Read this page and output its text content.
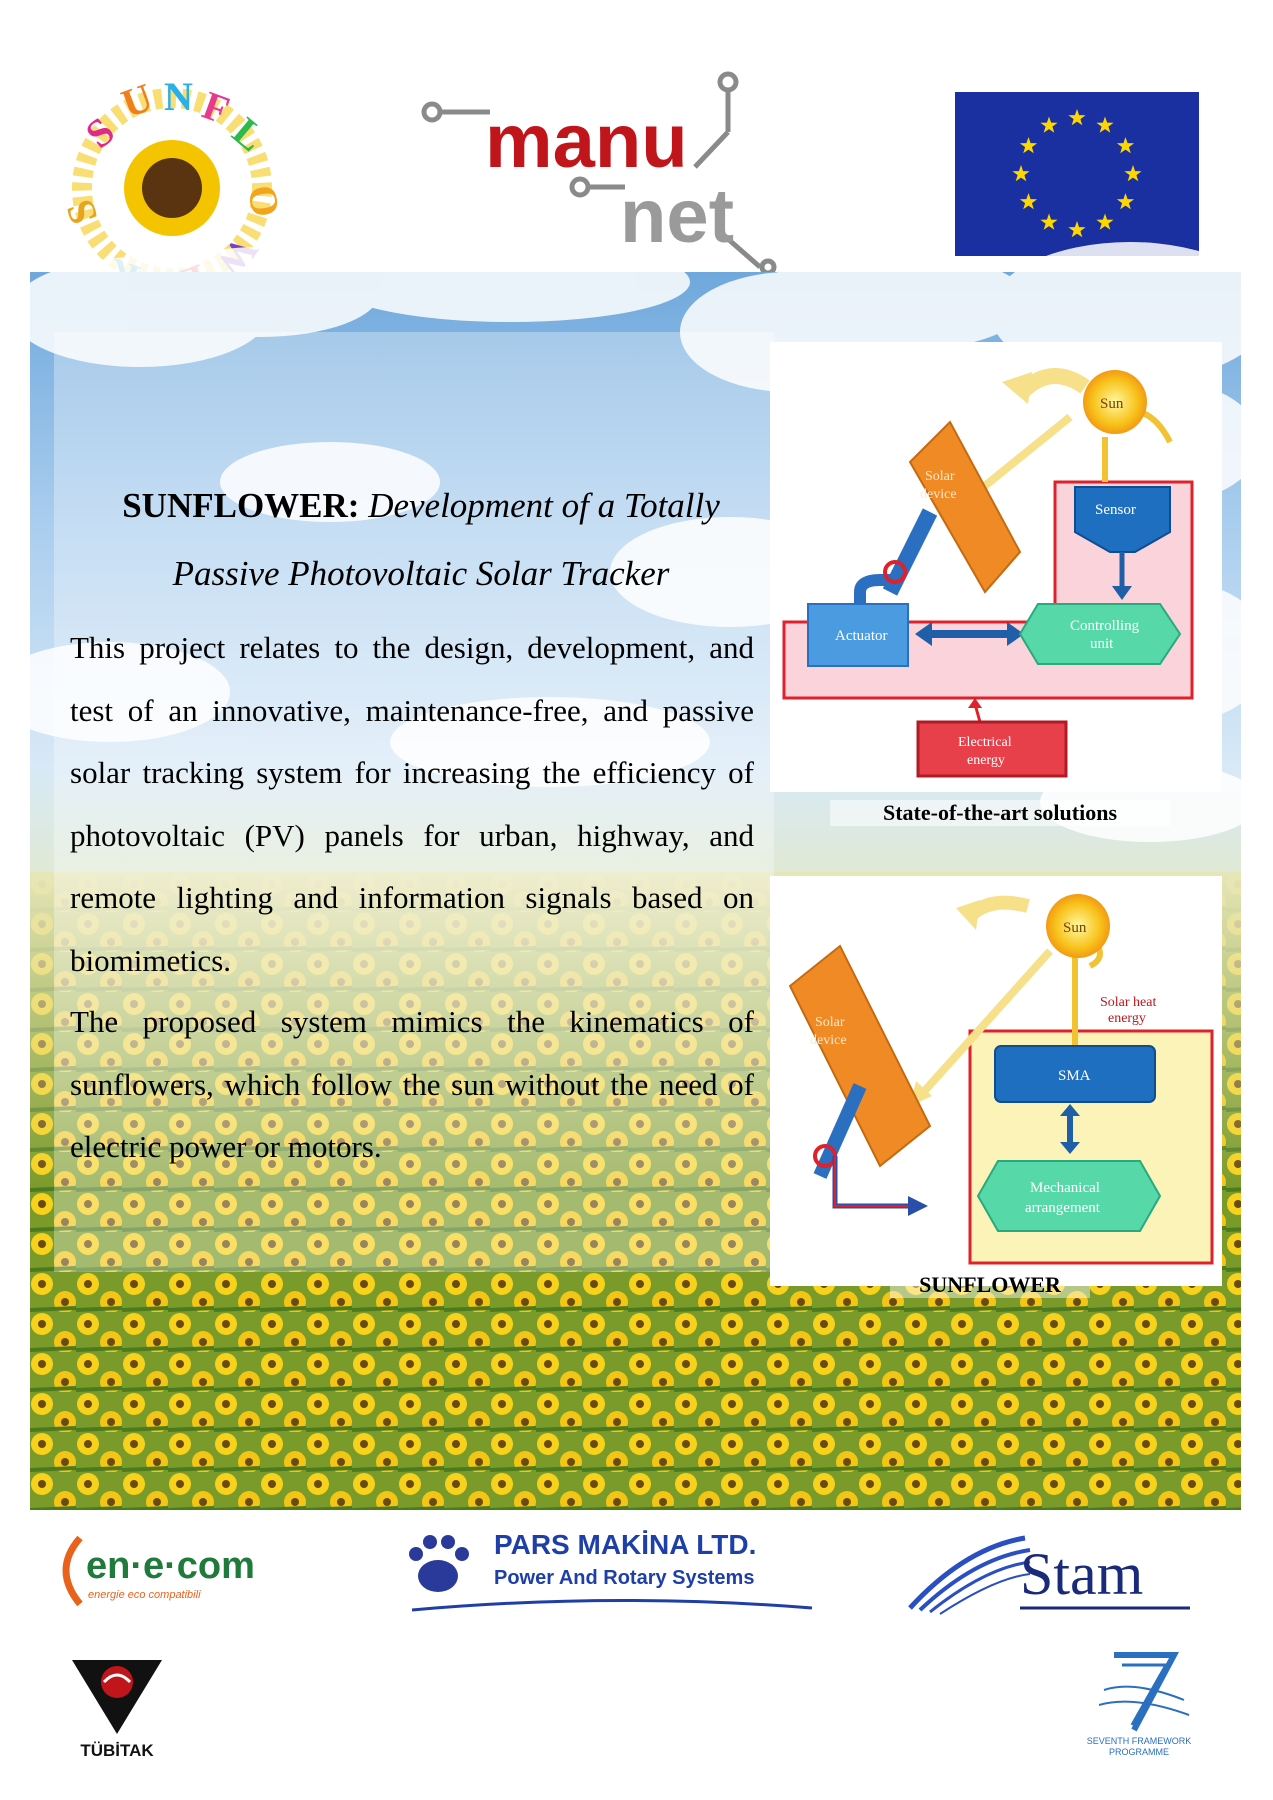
S
U N F
L
O
S
manu
net
SUNFLOWER: Development of a Totally
Passive Photovoltaic Solar Tracker

This project relates to the design, development, and test of an innovative, maintenance-free, and passive solar tracking system for increasing the efficiency of photovoltaic (PV) panels for urban, highway, and remote lighting and information signals based on biomimetics.

The proposed system mimics the kinematics of sunflowers, which follow the sun without the need of electric power or motors.

Sun
Solar
device
Sensor
Actuator
Controlling
unit
Electrical
energy
State-of-the-art solutions
Solar heat
energy
Sun
Solar
device
SMA
Mechanical
arrangement
SUNFLOWER
en·e·com
energie eco compatibili
PARS MAKİNA LTD.
Power And Rotary Systems	Stam
TÜBİTAK	SEVENTH FRAMEWORK
PROGRAMME
